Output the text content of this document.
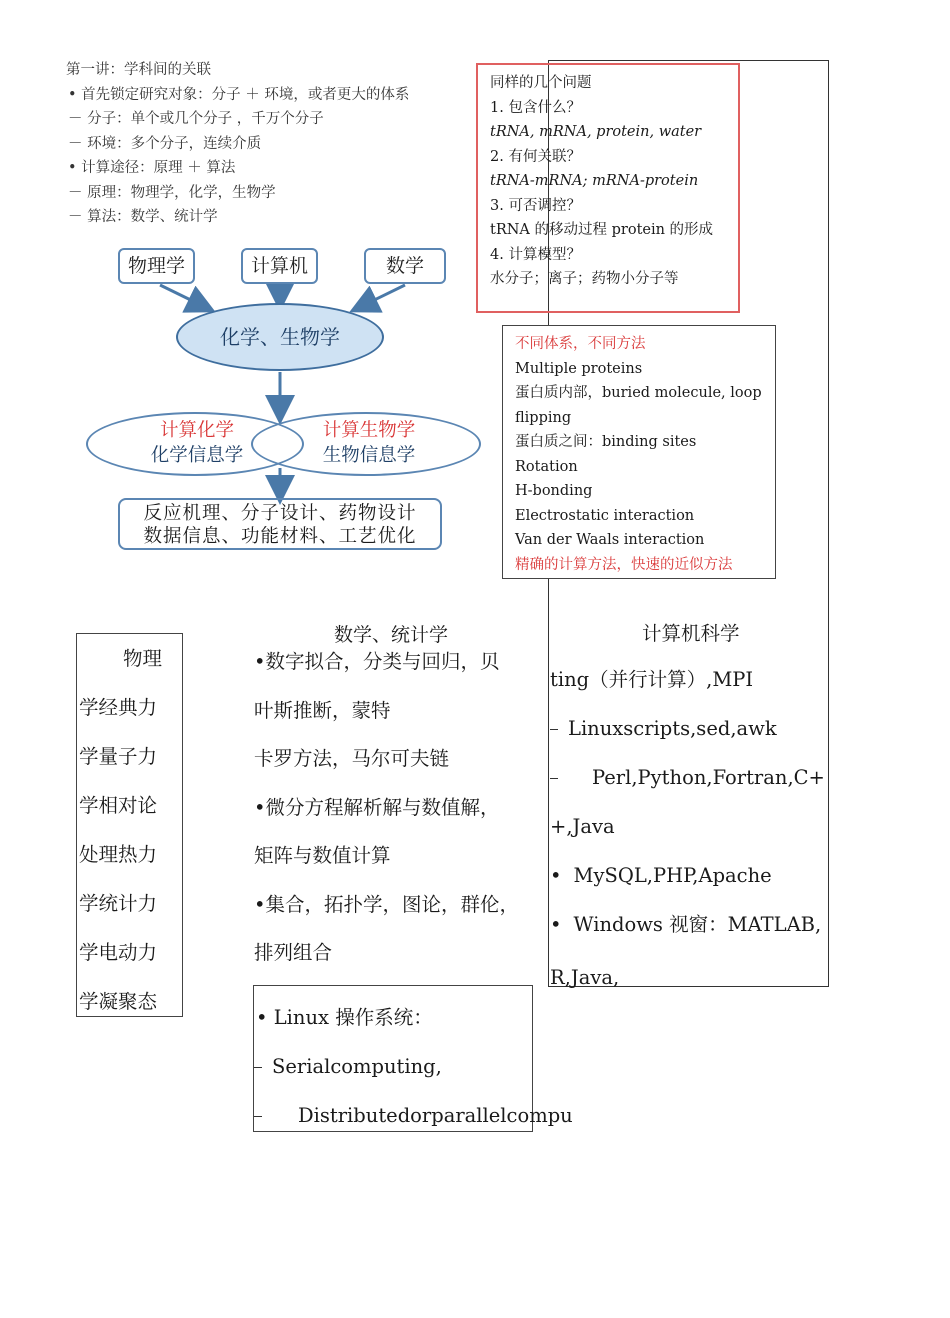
第一讲：学科间的关联
• 首先锁定研究对象：分子 ＋ 环境，或者更大的体系
－ 分子：单个或几个分子 ，千万个分子
－ 环境：多个分子，连续介质
• 计算途径：原理 ＋ 算法
－ 原理：物理学，化学，生物学
－ 算法：数学、统计学
物理学	计算机	数学
化学、生物学
计算化学
化学信息学
计算生物学
生物信息学
反应机理、分子设计、药物设计
数据信息、功能材料、工艺优化
同样的几个问题
1. 包含什么？
tRNA, mRNA, protein, water
2. 有何关联？
tRNA-mRNA; mRNA-protein
3. 可否调控？
tRNA 的移动过程 protein 的形成
4. 计算模型？
水分子；离子；药物小分子等
不同体系，不同方法
Multiple proteins
蛋白质内部，buried molecule, loop
flipping
蛋白质之间：binding sites
Rotation
H-bonding
Electrostatic interaction
Van der Waals interaction
精确的计算方法，快速的近似方法
物理
学经典力
学量子力
学相对论
处理热力
学统计力
学电动力
学凝聚态
数学、统计学
•数字拟合，分类与回归，贝
叶斯推断，蒙特
卡罗方法，马尔可夫链
•微分方程解析解与数值解，
矩阵与数值计算
•集合，拓扑学，图论，群伦，
排列组合
• Linux 操作系统：
Serialcomputing,
Distributedorparallelcompu
计算机科学
ting（并行计算）,MPI
Linuxscripts,sed,awk
Perl,Python,Fortran,C+
+,Java
• MySQL,PHP,Apache
• Windows 视窗：MATLAB,
R,Java,
